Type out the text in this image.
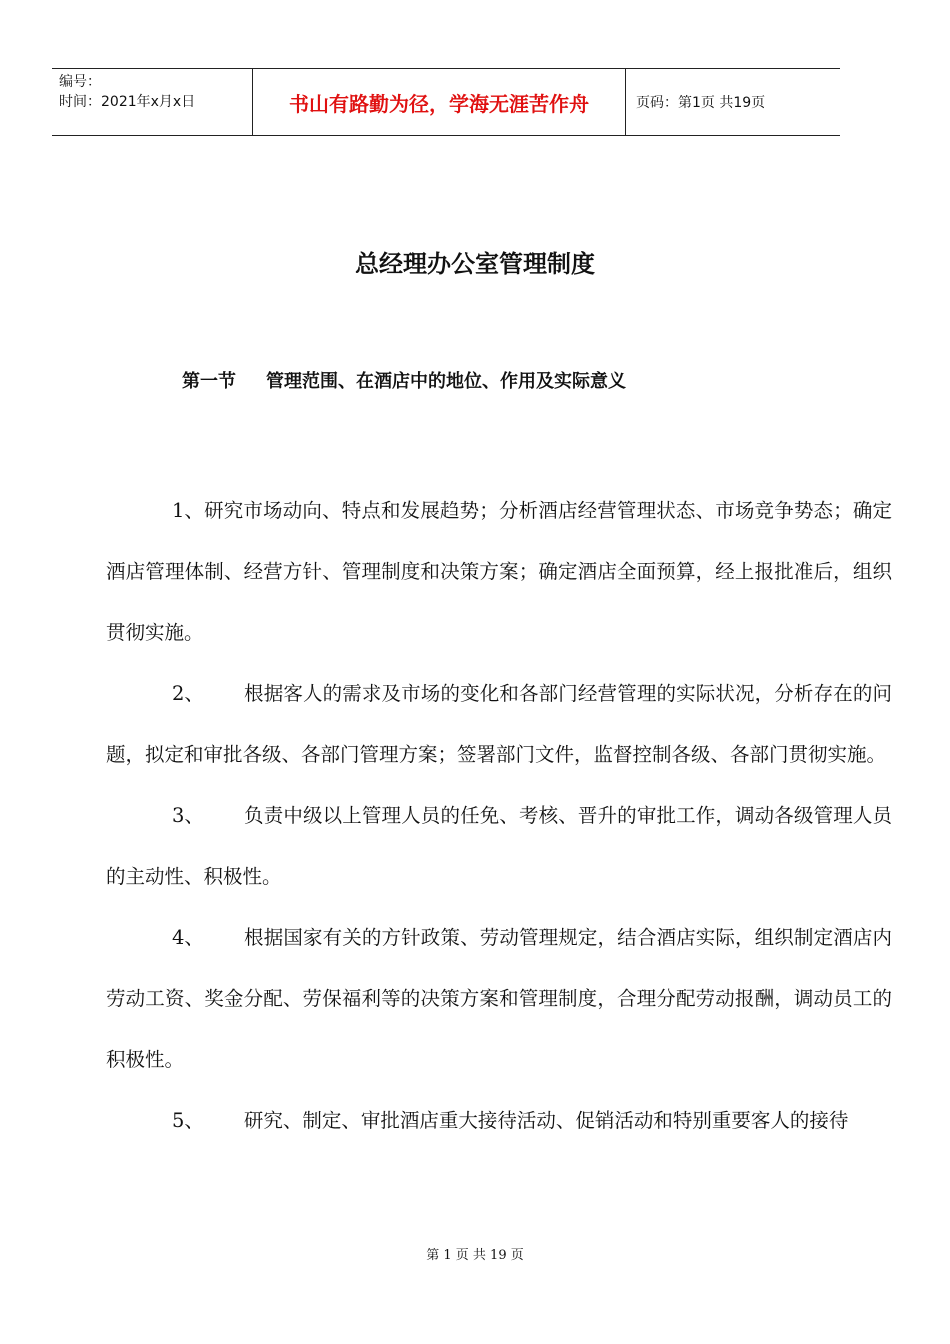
编号：
时间：2021年x月x日	书山有路勤为径，学海无涯苦作舟	页码：第1页 共19页
总经理办公室管理制度
第一节 管理范围、在酒店中的地位、作用及实际意义

1、研究市场动向、特点和发展趋势；分析酒店经营管理状态、市场竞争势态；确定酒店管理体制、经营方针、管理制度和决策方案；确定酒店全面预算，经上报批准后，组织贯彻实施。

2、 根据客人的需求及市场的变化和各部门经营管理的实际状况，分析存在的问题，拟定和审批各级、各部门管理方案；签署部门文件，监督控制各级、各部门贯彻实施。

3、 负责中级以上管理人员的任免、考核、晋升的审批工作，调动各级管理人员的主动性、积极性。

4、 根据国家有关的方针政策、劳动管理规定，结合酒店实际，组织制定酒店内劳动工资、奖金分配、劳保福利等的决策方案和管理制度，合理分配劳动报酬，调动员工的积极性。

5、 研究、制定、审批酒店重大接待活动、促销活动和特别重要客人的接待

第 1 页 共 19 页
